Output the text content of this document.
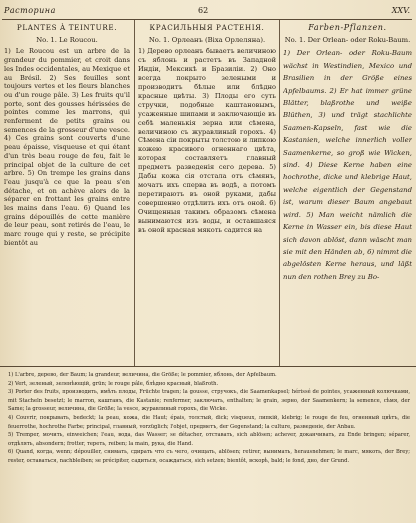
Расторина	62	XXV.
PLANTES À TEINTURE.
No. 1. Le Roucou.
1) Le Roucou est un arbre de la grandeur du pommier, et croit dans les Indes occidentales, au Mexique et au Brésil. 2) Ses feuilles sont toujours vertes et les fleurs blanches ou d'un rouge pâle. 3) Les fruits qu'il porte, sont des gousses hérissées de pointes comme les marrons, qui renferment de petits grains ou semences de la grosseur d'une vesce. 4) Ces grains sont couverts d'une peau épaisse, visqueuse et qui étant d'un très beau rouge de feu, fait le principal objet de la culture de cet arbre. 5) On trempe les grains dans l'eau jusqu'à ce que la peau s'en détache, et on achève alors de la séparer en frottant les grains entre les mains dans l'eau. 6) Quand les grains dépouillés de cette manière de leur peau, sont retirés de l'eau, le marc rouge qui y reste, se précipite bientôt au
КРАСИЛЬНЫЯ РАСТЕНІЯ.
No. 1. Орлеанъ (Вiха Орлеляна).
1) Дерево орлеанъ бываетъ величиною съ яблонь и растетъ въ Западной Индіи, Мексикѣ и Бразиліи. 2) Оно всегда покрыто зелеными и производитъ бѣлые или блѣдно красные цвѣты. 3) Плоды его суть стручки, подобные каштановымъ, усаженные шипами и заключающіе въ себѣ маленькія зерна или сѣмена, величиною съ журавлиный горохъ. 4) Сѣмена сіи покрыты толстою и липкою кожею красивого огненнаго цвѣта, которая составляетъ главный предметъ разведенія сего дерева. 5) Дабы кожа сія отстала отъ сѣмянъ, мочатъ ихъ сперва въ водѣ, а потомъ перетираютъ въ оной руками, дабы совершенно отдѣлить ихъ отъ оной. 6) Очищенныя такимъ образомъ сѣмена вынимаются изъ воды, и оставшаяся въ оной красная мякоть садится на
Farben-Pflanzen.
No. 1. Der Orlean- oder Roku-Baum.
1) Der Orlean- oder Roku-Baum wächst in Westindien, Mexico und Brasilien in der Größe eines Apfelbaums. 2) Er hat immer grüne Blätter, blaßrothe und weiße Blüthen, 3) und trägt stachlichte Saamen-Kapseln, fast wie die Kastanien, welche innerlich voller Saamenkerne, so groß wie Wicken, sind. 4) Diese Kerne haben eine hochrothe, dicke und klebrige Haut, welche eigentlich der Gegenstand ist, warum dieser Baum angebaut wird. 5) Man weicht nämlich die Kerne in Wasser ein, bis diese Haut sich davon ablöst, dann wäscht man sie mit den Händen ab, 6) nimmt die abgelösten Kerne heraus, und läßt nun den rothen Brey zu Bo-

1) L'arbre, дерево, der Baum; la grandeur, величина, die Größe; le pommier, яблонь, der Apfelbaum.

2) Vert, зеленый, зеленѣющій, grün; le rouge pâle, блѣдно красный, blaßroth.

3) Porter des fruits, производить, имѣть плоды, Früchte tragen; la gousse, стручокъ, die Saamenkapsel; hérissé de pointes, усаженный колючками, mit Stacheln besetzt; le marron, каштанъ, die Kastanie; renfermer, заключать, enthalten; le grain, зерно, der Saamenkern; la semence, сѣмя, der Same; la grosseur, величина, die Größe; la vesce, журавлиный горохъ, die Wicke.

4) Couvrir, покрывать, bedeckt; la peau, кожа, die Haut; épais, толстый, dick; visqueux, липкій, klebrig; le rouge de feu, огненный цвѣтъ, die feuerrothe, hochrothe Farbe; principal, главный, vorzüglich; l'objet, предметъ, der Gegenstand; la culture, разведеніе, der Anbau.

5) Tremper, мочить, einweichen; l'eau, вода, das Wasser; se détacher, отставать, sich ablösen; achever, доканчивать, zu Ende bringen; séparer, отдѣлять, absondern; frotter, тереть, reiben; la main, рука, die Hand.

6) Quand, когда, wenn; dépouiller, снимать, сдирать что съ чего, очищать, ablösen; retirer, вынимать, herausnehmen; le marc, мякоть, der Brey; rester, оставаться, nachbleiben; se précipiter, садиться, осаждаться, sich setzen; bientôt, вскорѣ, bald; le fond, дно, der Grund.
